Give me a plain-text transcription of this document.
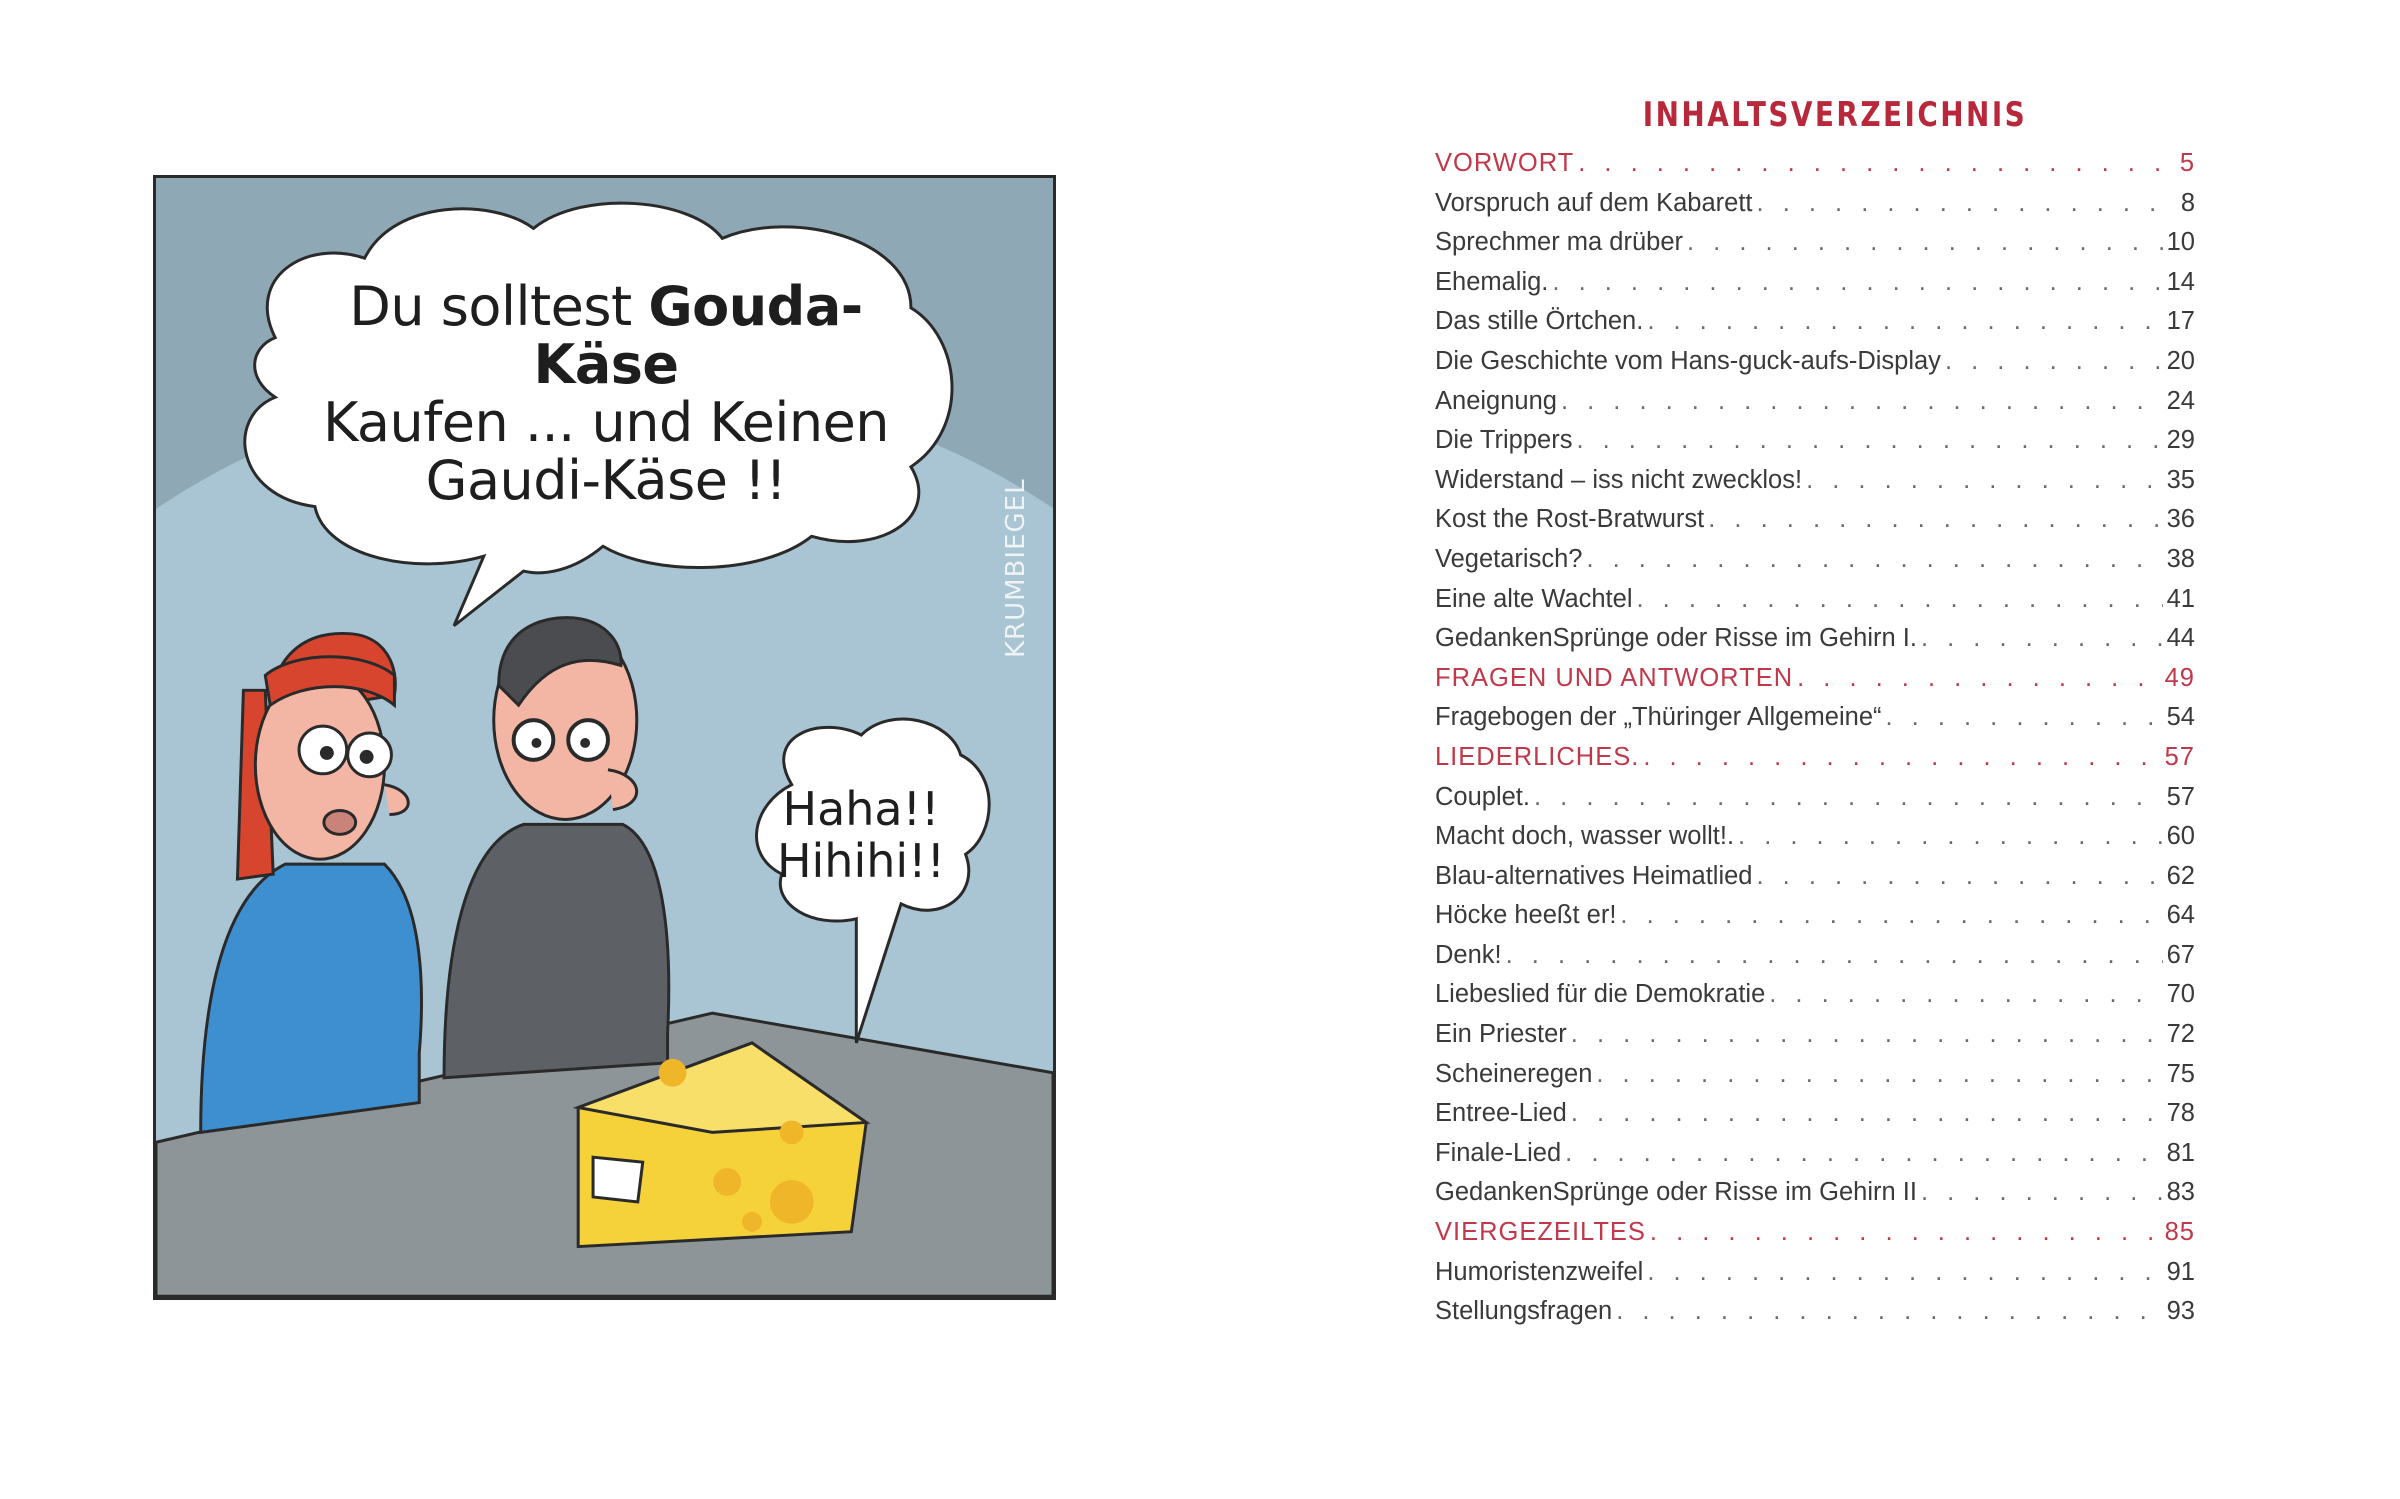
Du solltest Gouda-Käse
Kaufen ... und Keinen
Gaudi-Käse !!
Haha!!
Hihihi!!
KRUMBIEGEL
INHALTSVERZEICHNIS
VORWORT . . .	5
Vorspruch auf dem Kabarett . . .	8
Sprechmer ma drüber . . .	10
Ehemalig. . . .	14
Das stille Örtchen. . . .	17
Die Geschichte vom Hans-guck-aufs-Display . . .	20
Aneignung . . .	24
Die Trippers . . .	29
Widerstand – iss nicht zwecklos! . . .	35
Kost the Rost-Bratwurst . . .	36
Vegetarisch? . . .	38
Eine alte Wachtel . . .	41
GedankenSprünge oder Risse im Gehirn I. . . .	44
FRAGEN UND ANTWORTEN . . .	49
Fragebogen der „Thüringer Allgemeine“ . . .	54
LIEDERLICHES. . . .	57
Couplet. . . .	57
Macht doch, wasser wollt!. . . .	60
Blau-alternatives Heimatlied . . .	62
Höcke heeßt er! . . .	64
Denk! . . .	67
Liebeslied für die Demokratie . . .	70
Ein Priester . . .	72
Scheineregen . . .	75
Entree-Lied . . .	78
Finale-Lied . . .	81
GedankenSprünge oder Risse im Gehirn II . . .	83
VIERGEZEILTES . . .	85
Humoristenzweifel . . .	91
Stellungsfragen . . .	93
